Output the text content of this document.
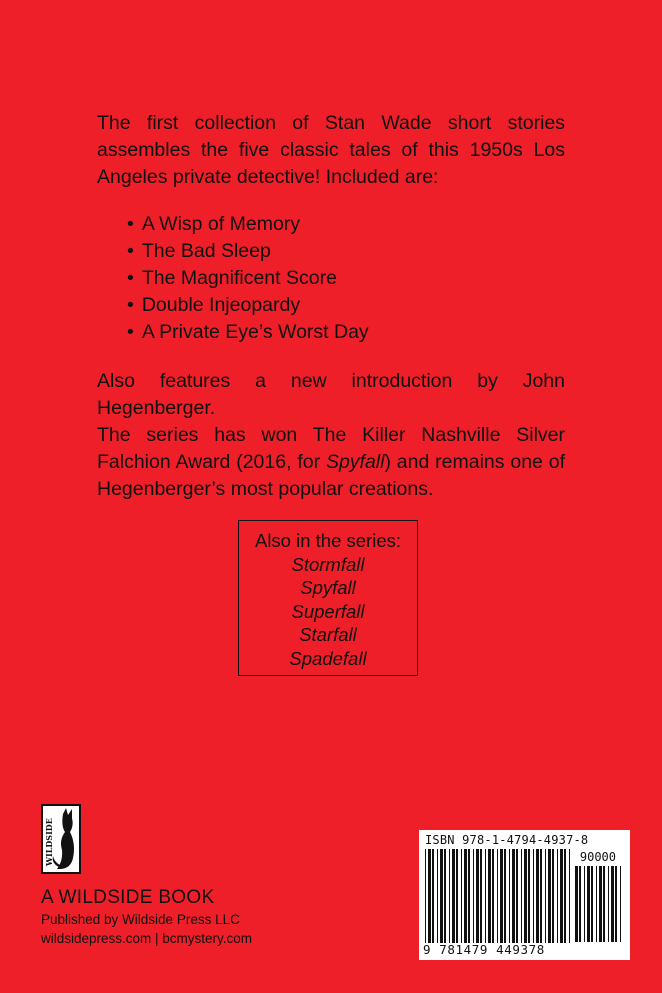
The first collection of Stan Wade short stories assembles the five classic tales of this 1950s Los Angeles private detective! Included are:

• A Wisp of Memory
• The Bad Sleep
• The Magnificent Score
• Double Injeopardy
• A Private Eye’s Worst Day

Also features a new introduction by John Hegenberger.

The series has won The Killer Nashville Silver Falchion Award (2016, for Spyfall) and remains one of Hegenberger’s most popular creations.

Also in the series:
Stormfall
Spyfall
Superfall
Starfall
Spadefall
WILDSIDE
A WILDSIDE BOOK
Published by Wildside Press LLC
wildsidepress.com | bcmystery.com
ISBN 978-1-4794-4937-8
90000
9 781479 449378
